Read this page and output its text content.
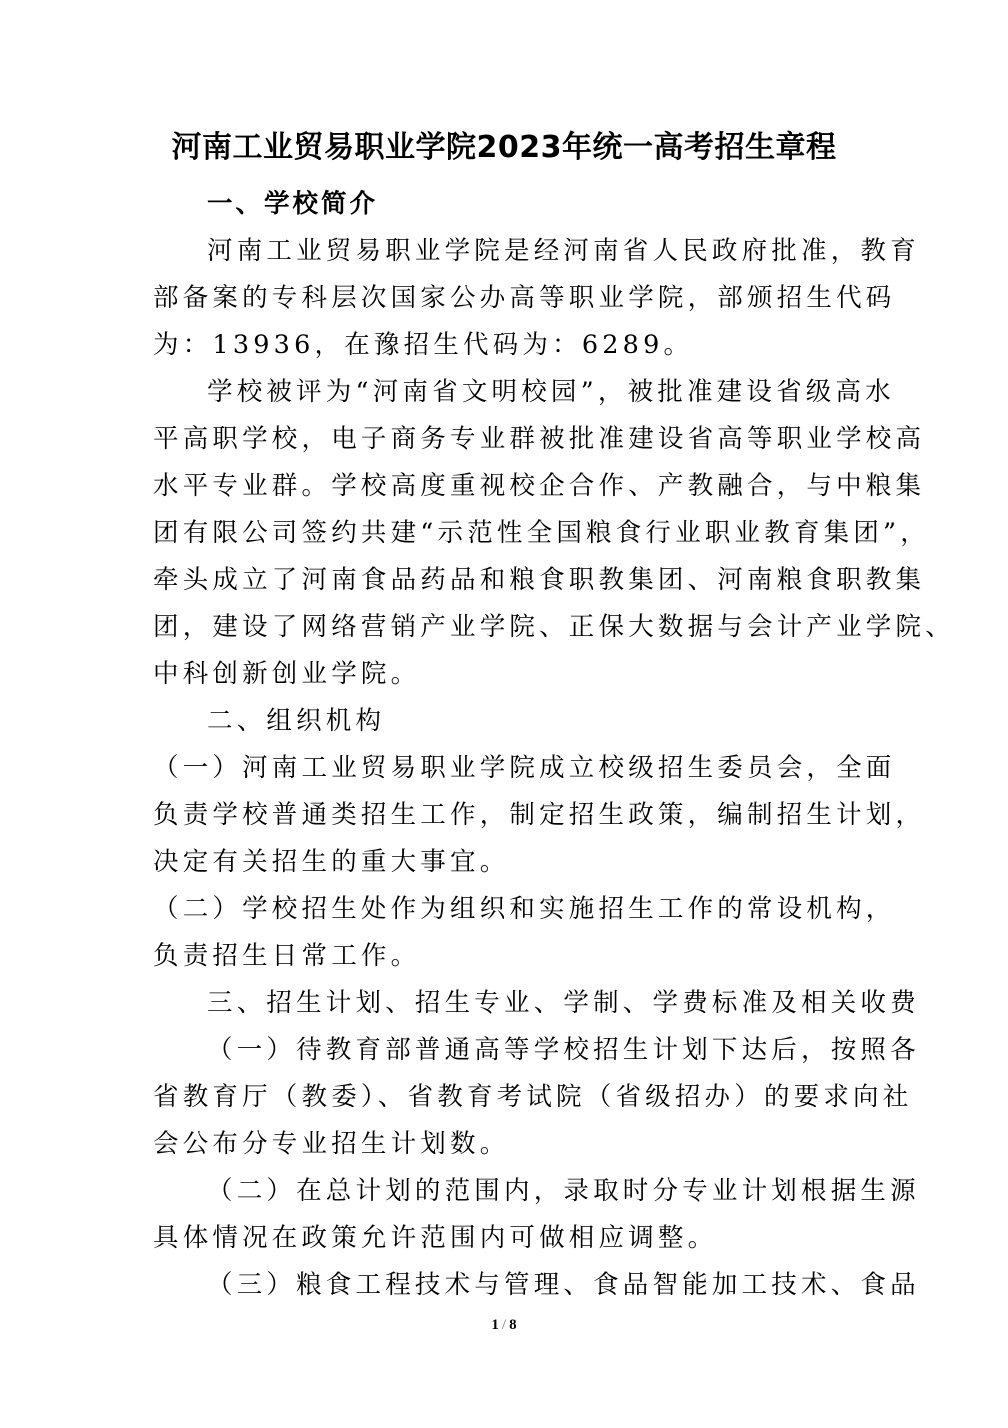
河南工业贸易职业学院2023年统一高考招生章程
一、学校简介
河南工业贸易职业学院是经河南省人民政府批准，教育
部备案的专科层次国家公办高等职业学院，部颁招生代码
为：13936，在豫招生代码为：6289。
学校被评为“河南省文明校园”，被批准建设省级高水
平高职学校，电子商务专业群被批准建设省高等职业学校高
水平专业群。学校高度重视校企合作、产教融合，与中粮集
团有限公司签约共建“示范性全国粮食行业职业教育集团”，
牵头成立了河南食品药品和粮食职教集团、河南粮食职教集
团，建设了网络营销产业学院、正保大数据与会计产业学院、
中科创新创业学院。
二、组织机构
（一）河南工业贸易职业学院成立校级招生委员会，全面
负责学校普通类招生工作，制定招生政策，编制招生计划，
决定有关招生的重大事宜。
（二）学校招生处作为组织和实施招生工作的常设机构，
负责招生日常工作。
三、招生计划、招生专业、学制、学费标准及相关收费
（一）待教育部普通高等学校招生计划下达后，按照各
省教育厅（教委）、省教育考试院（省级招办）的要求向社
会公布分专业招生计划数。
（二）在总计划的范围内，录取时分专业计划根据生源
具体情况在政策允许范围内可做相应调整。
（三）粮食工程技术与管理、食品智能加工技术、食品
1 / 8
